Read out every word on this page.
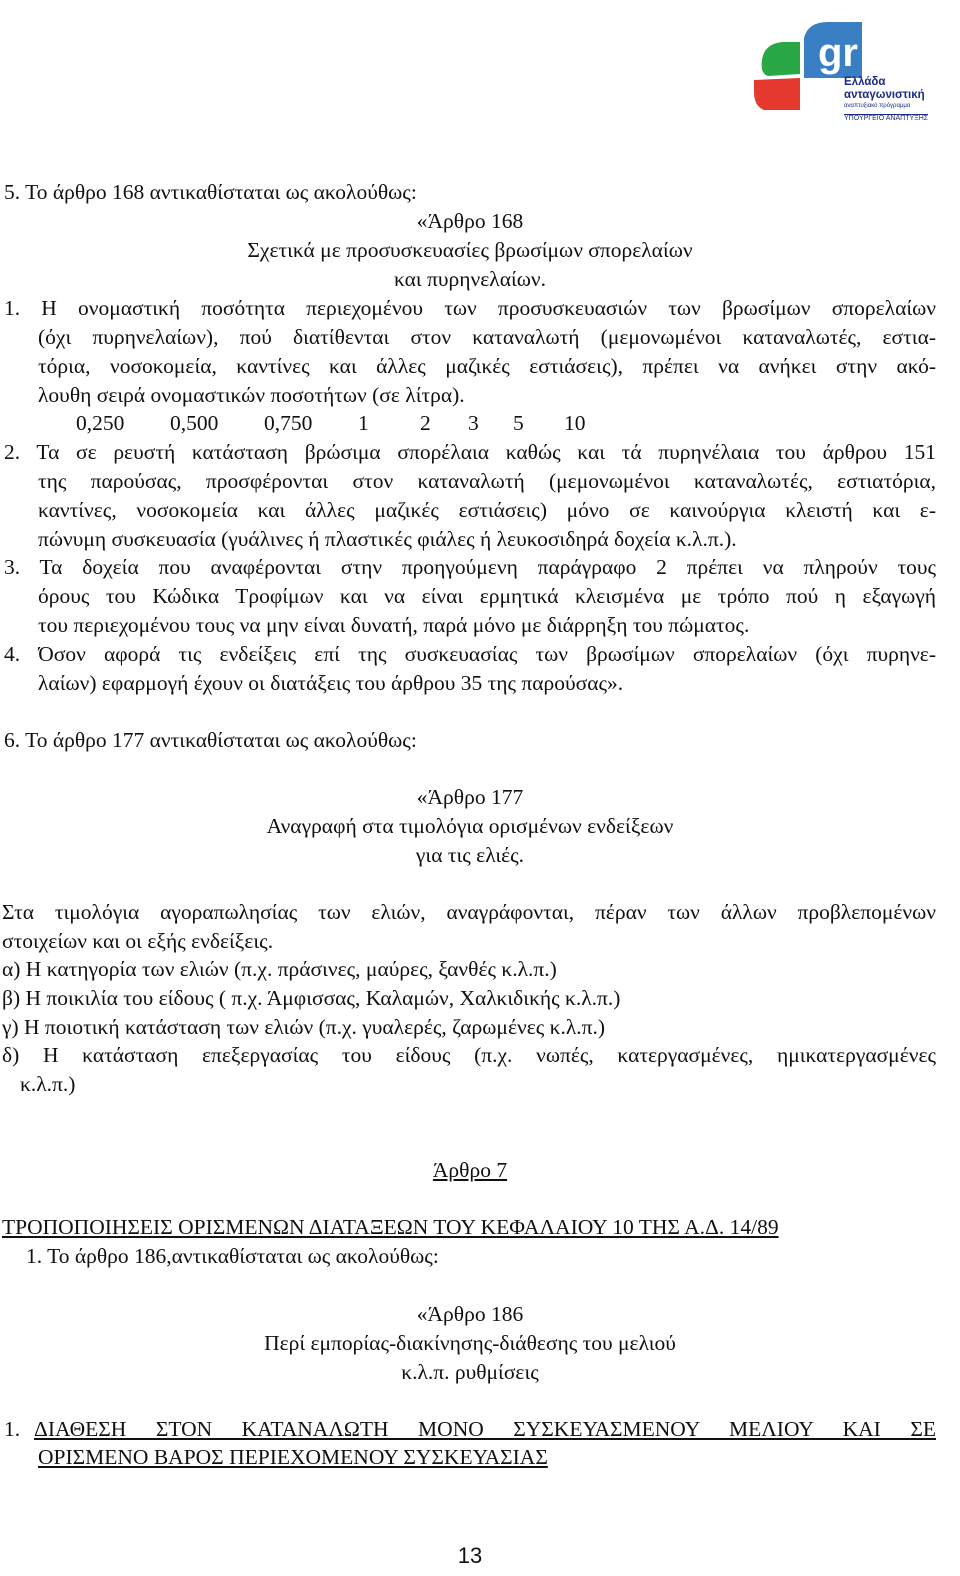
gr
Ελλάδα
ανταγωνιστική
αναπτυξιακό πρόγραμμα
ΥΠΟΥΡΓΕΙΟ ΑΝΑΠΤΥΞΗΣ
5. Το άρθρο 168 αντικαθίσταται ως ακολούθως:
«Άρθρο 168
Σχετικά με προσυσκευασίες βρωσίμων σπορελαίων
και πυρηνελαίων.
1. Η ονομαστική ποσότητα περιεχομένου των προσυσκευασιών των βρωσίμων σπορελαίων
(όχι πυρηνελαίων), πού διατίθενται στον καταναλωτή (μεμονωμένοι καταναλωτές, εστια-
τόρια, νοσοκομεία, καντίνες και άλλες μαζικές εστιάσεις), πρέπει να ανήκει στην ακό-
λουθη σειρά ονομαστικών ποσοτήτων (σε λίτρα).
0,250 0,500 0,750 1 2 3 5 10
2. Τα σε ρευστή κατάσταση βρώσιμα σπορέλαια καθώς και τά πυρηνέλαια του άρθρου 151
της παρούσας, προσφέρονται στον καταναλωτή (μεμονωμένοι καταναλωτές, εστιατόρια,
καντίνες, νοσοκομεία και άλλες μαζικές εστιάσεις) μόνο σε καινούργια κλειστή και ε-
πώνυμη συσκευασία (γυάλινες ή πλαστικές φιάλες ή λευκοσιδηρά δοχεία κ.λ.π.).
3. Τα δοχεία που αναφέρονται στην προηγούμενη παράγραφο 2 πρέπει να πληρούν τους
όρους του Κώδικα Τροφίμων και να είναι ερμητικά κλεισμένα με τρόπο πού η εξαγωγή
του περιεχομένου τους να μην είναι δυνατή, παρά μόνο με διάρρηξη του πώματος.
4. Όσον αφορά τις ενδείξεις επί της συσκευασίας των βρωσίμων σπορελαίων (όχι πυρηνε-
λαίων) εφαρμογή έχουν οι διατάξεις του άρθρου 35 της παρούσας».
6. Το άρθρο 177 αντικαθίσταται ως ακολούθως:
«Άρθρο 177
Αναγραφή στα τιμολόγια ορισμένων ενδείξεων
για τις ελιές.
Στα τιμολόγια αγοραπωλησίας των ελιών, αναγράφονται, πέραν των άλλων προβλεπομένων
στοιχείων και οι εξής ενδείξεις.
α) Η κατηγορία των ελιών (π.χ. πράσινες, μαύρες, ξανθές κ.λ.π.)
β) Η ποικιλία του είδους ( π.χ. Άμφισσας, Καλαμών, Χαλκιδικής κ.λ.π.)
γ) Η ποιοτική κατάσταση των ελιών (π.χ. γυαλερές, ζαρωμένες κ.λ.π.)
δ) Η κατάσταση επεξεργασίας του είδους (π.χ. νωπές, κατεργασμένες, ημικατεργασμένες
κ.λ.π.)
Άρθρο 7
ΤΡΟΠΟΠΟΙΗΣΕΙΣ ΟΡΙΣΜΕΝΩΝ ΔΙΑΤΑΞΕΩΝ ΤΟΥ ΚΕΦΑΛΑΙΟΥ 10 ΤΗΣ Α.Δ. 14/89
1. Το άρθρο 186,αντικαθίσταται ως ακολούθως:
«Άρθρο 186
Περί εμπορίας-διακίνησης-διάθεσης του μελιού
κ.λ.π. ρυθμίσεις
1. ΔΙΑΘΕΣΗ ΣΤΟΝ ΚΑΤΑΝΑΛΩΤΗ ΜΟΝΟ ΣΥΣΚΕΥΑΣΜΕΝΟΥ ΜΕΛΙΟΥ ΚΑΙ ΣΕ
ΟΡΙΣΜΕΝΟ ΒΑΡΟΣ ΠΕΡΙΕΧΟΜΕΝΟΥ ΣΥΣΚΕΥΑΣΙΑΣ
13
